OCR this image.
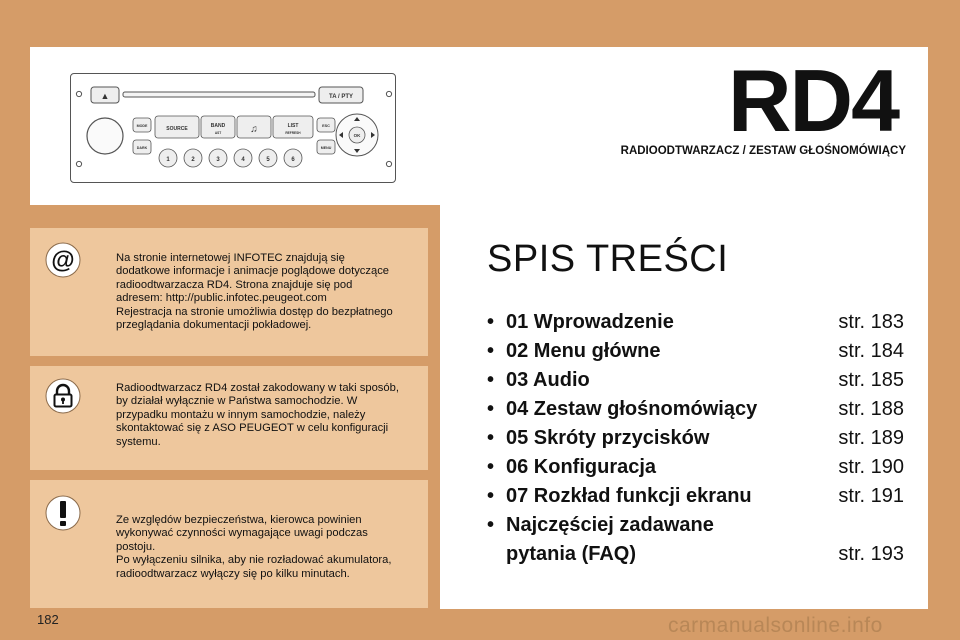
▲	TA / PTY
MODE
DARK
SOURCE	BAND
AST	♫	LIST
REFRESH
1	2	3	4	5	6
ESC
MENU
OK	RD4
RADIOODTWARZACZ / ZESTAW GŁOŚNOMÓWIĄCY
@	Na stronie internetowej INFOTEC znajdują się
dodatkowe informacje i animacje poglądowe dotyczące
radioodtwarzacza RD4. Strona znajduje się pod
adresem: http://public.infotec.peugeot.com
Rejestracja na stronie umożliwia dostęp do bezpłatnego
przeglądania dokumentacji pokładowej.
Radioodtwarzacz RD4 został zakodowany w taki sposób,
by działał wyłącznie w Państwa samochodzie. W
przypadku montażu w innym samochodzie, należy
skontaktować się z ASO PEUGEOT w celu konfiguracji
systemu.
Ze względów bezpieczeństwa, kierowca powinien
wykonywać czynności wymagające uwagi podczas
postoju.
Po wyłączeniu silnika, aby nie rozładować akumulatora,
radioodtwarzacz wyłączy się po kilku minutach.
SPIS TREŚCI
• 01 Wprowadzenie	str. 183
• 02 Menu główne	str. 184
• 03 Audio	str. 185
• 04 Zestaw głośnomówiący	str. 188
• 05 Skróty przycisków	str. 189
• 06 Konfiguracja	str. 190
• 07 Rozkład funkcji ekranu	str. 191
• Najczęściej zadawane
pytania (FAQ)	str. 193
182	carmanualsonline.info
